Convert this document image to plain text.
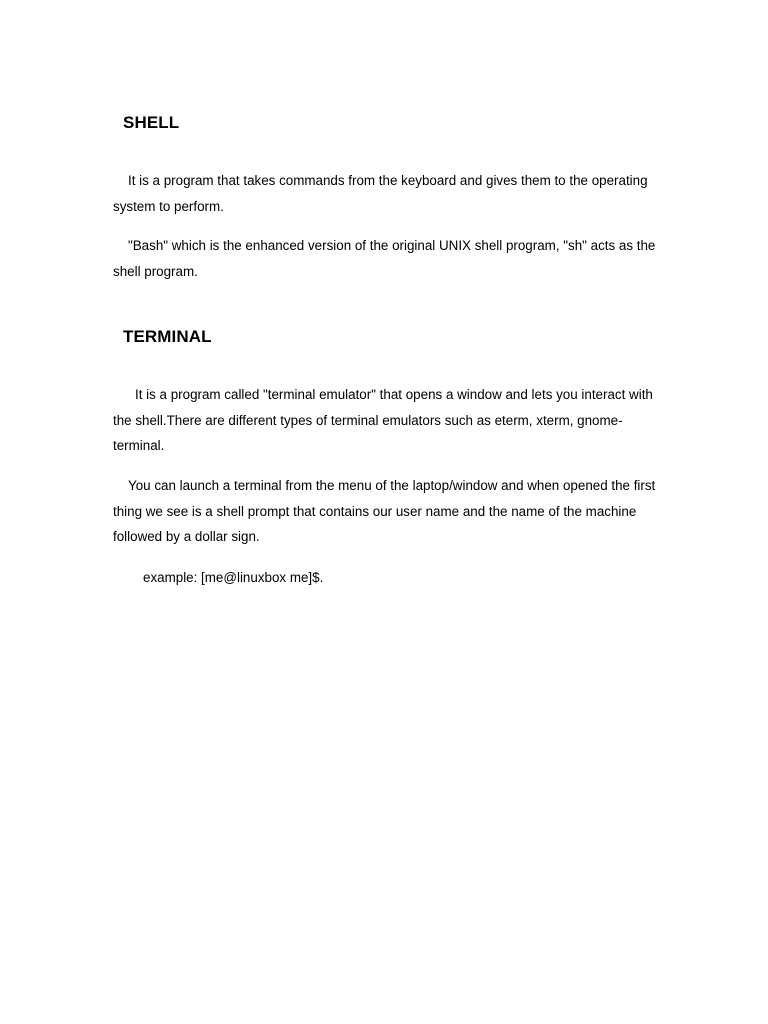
SHELL

It is a program that takes commands from the keyboard and gives them to the operating system to perform.

"Bash" which is the enhanced version of the original UNIX shell program, "sh" acts as the shell program.

TERMINAL

It is a program called "terminal emulator" that opens a window and lets you interact with the shell.There are different types of terminal emulators such as eterm, xterm, gnome-terminal.

You can launch a terminal from the menu of the laptop/window and when opened the first thing we see is a shell prompt that contains our user name and the name of the machine followed by a dollar sign.

example: [me@linuxbox me]$.
